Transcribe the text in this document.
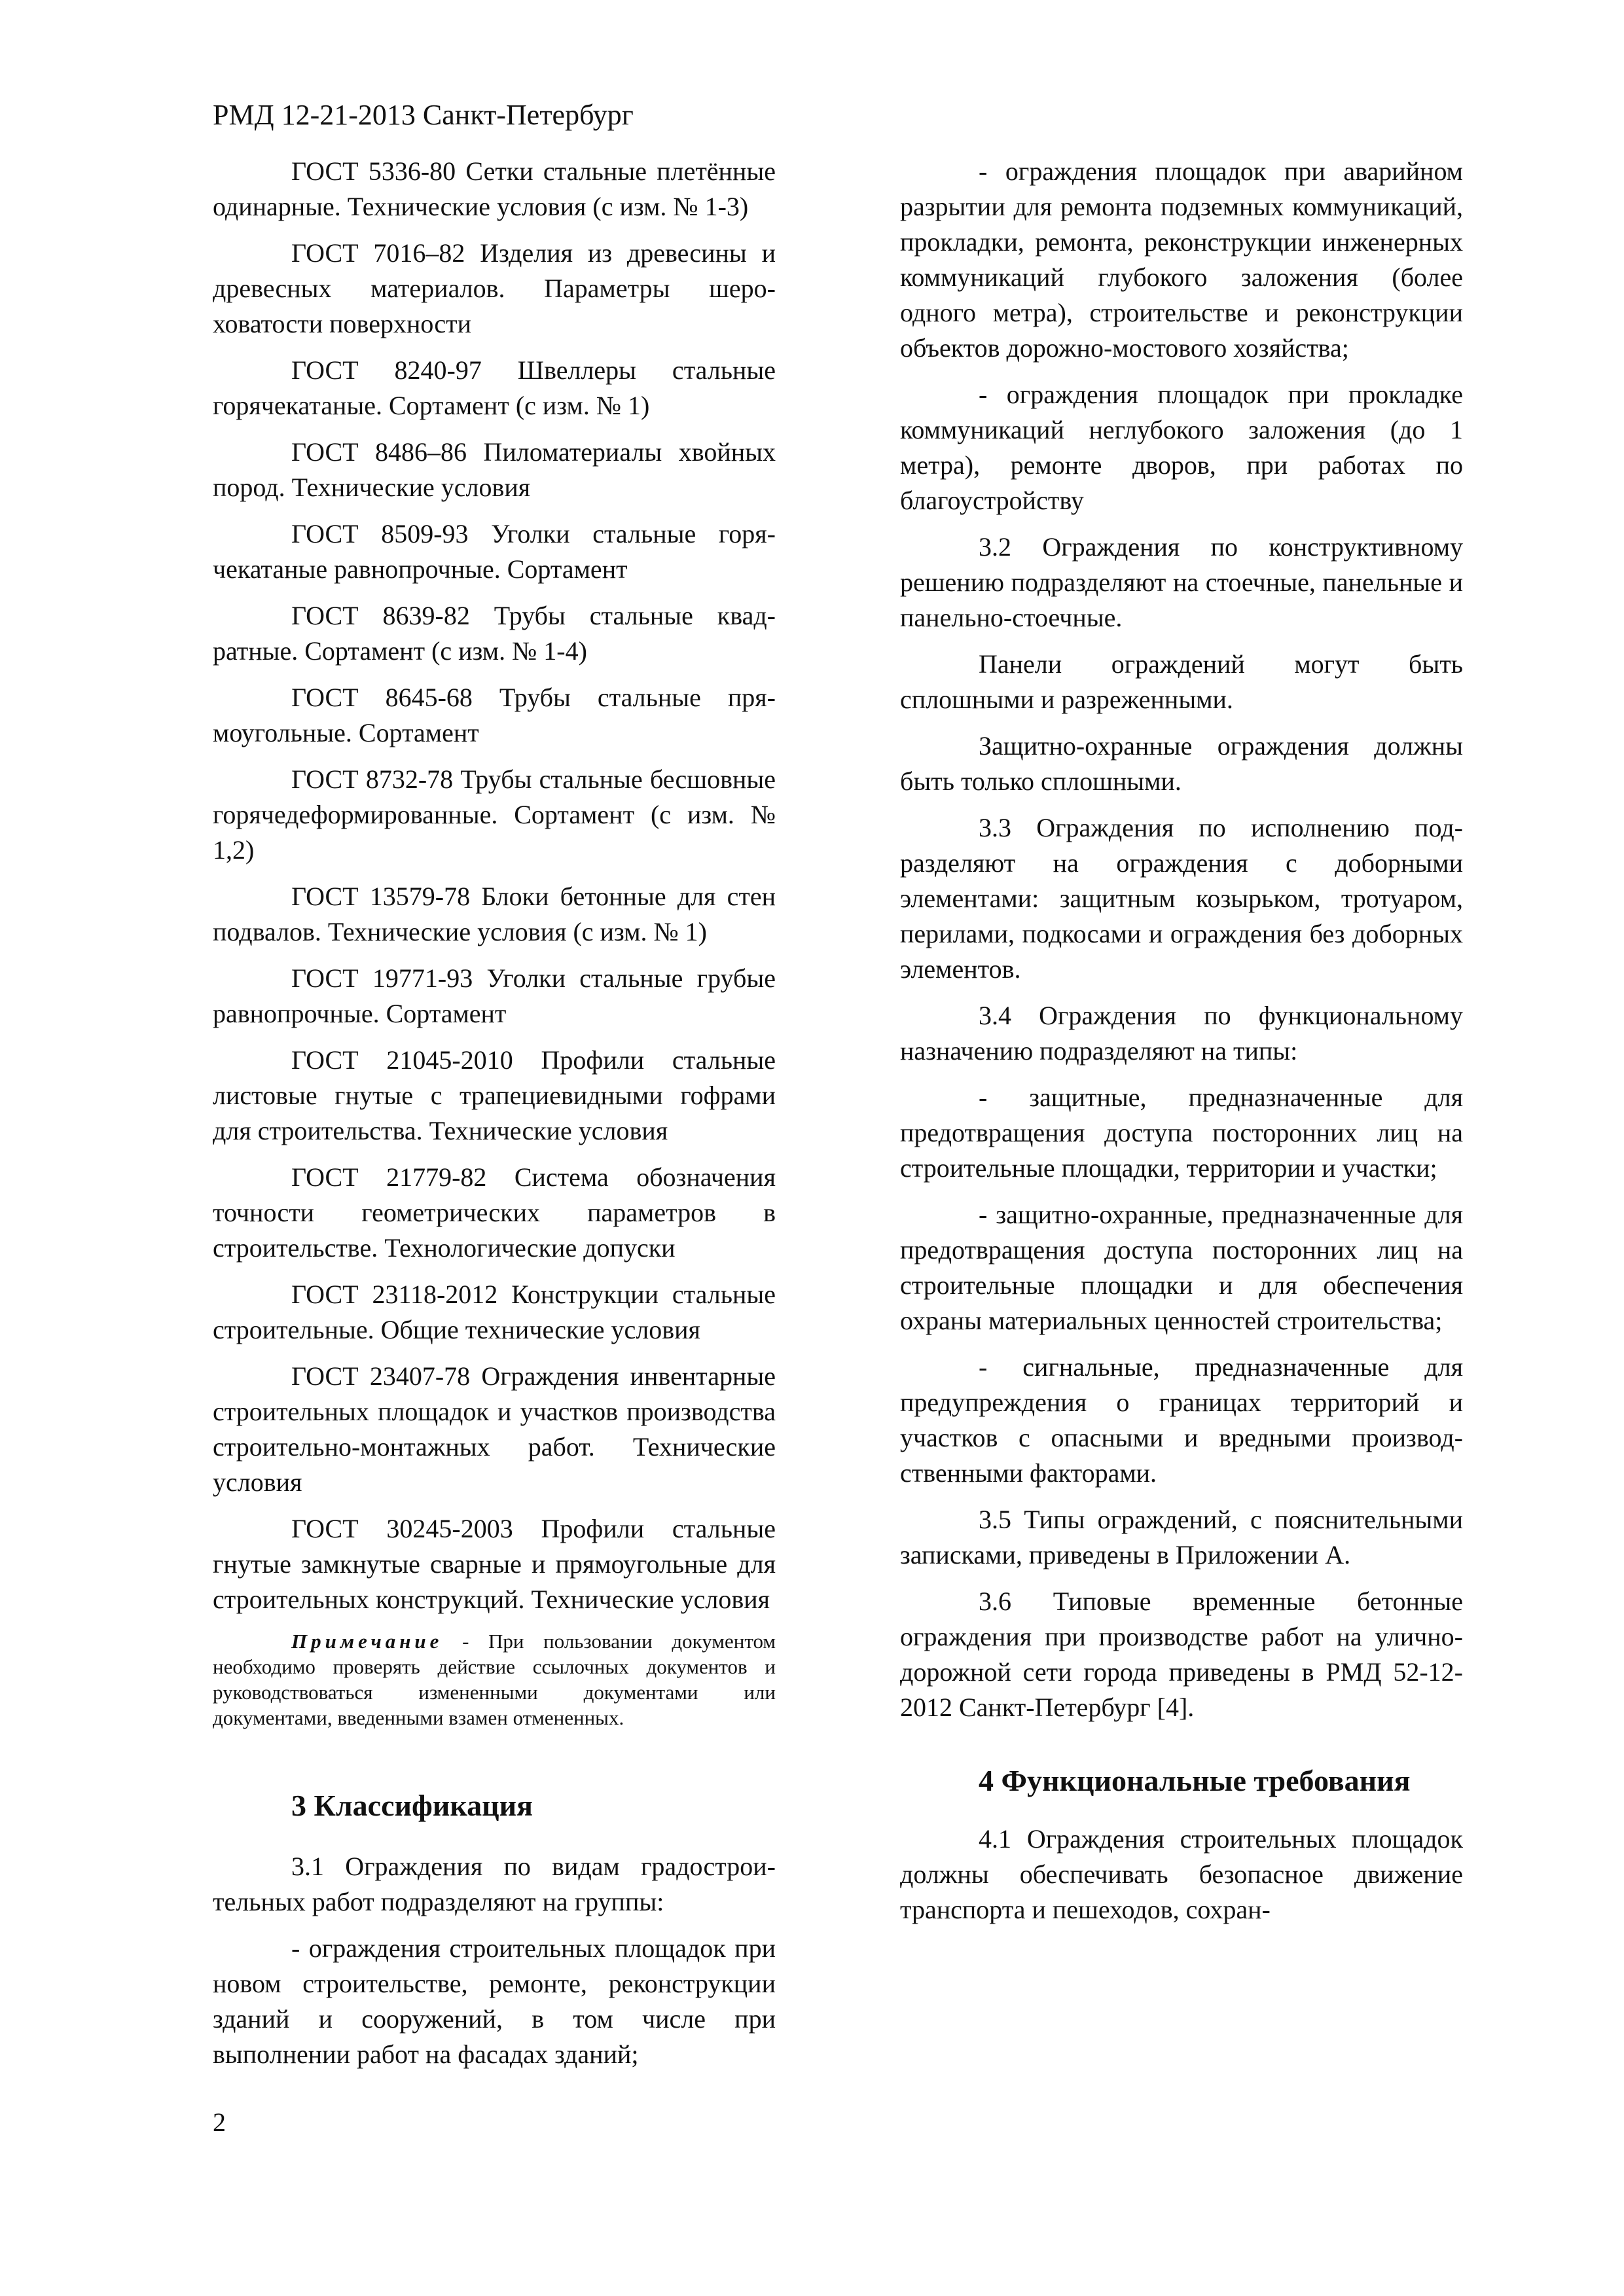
РМД 12-21-2013 Санкт-Петербург

ГОСТ 5336-80 Сетки стальные плетённые одинарные. Технические условия (с изм. № 1-3)

ГОСТ 7016–82 Изделия из древесины и древесных материалов. Параметры шероховатости поверхности

ГОСТ 8240-97 Швеллеры стальные горячекатаные. Сортамент (с изм. № 1)

ГОСТ 8486–86 Пиломатериалы хвойных пород. Технические условия

ГОСТ 8509-93 Уголки стальные горячекатаные равнопрочные. Сортамент

ГОСТ 8639-82 Трубы стальные квадратные. Сортамент (с изм. № 1-4)

ГОСТ 8645-68 Трубы стальные прямоугольные. Сортамент

ГОСТ 8732-78 Трубы стальные бесшовные горячедеформированные. Сортамент (с изм. № 1,2)

ГОСТ 13579-78 Блоки бетонные для стен подвалов. Технические условия (с изм. № 1)

ГОСТ 19771-93 Уголки стальные грубые равнопрочные. Сортамент

ГОСТ 21045-2010 Профили стальные листовые гнутые с трапециевидными гофрами для строительства. Технические условия

ГОСТ 21779-82 Система обозначения точности геометрических параметров в строительстве. Технологические допуски

ГОСТ 23118-2012 Конструкции стальные строительные. Общие технические условия

ГОСТ 23407-78 Ограждения инвентарные строительных площадок и участков производства строительно-монтажных работ. Технические условия

ГОСТ 30245-2003 Профили стальные гнутые замкнутые сварные и прямоугольные для строительных конструкций. Технические условия

Примечание - При пользовании документом необходимо проверять действие ссылочных документов и руководствоваться измененными документами или документами, введенными взамен отмененных.
3 Классификация

3.1 Ограждения по видам градостроительных работ подразделяют на группы:

- ограждения строительных площадок при новом строительстве, ремонте, реконструкции зданий и сооружений, в том числе при выполнении работ на фасадах зданий;

- ограждения площадок при аварийном разрытии для ремонта подземных коммуникаций, прокладки, ремонта, реконструкции инженерных коммуникаций глубокого заложения (более одного метра), строительстве и реконструкции объектов дорожно-мостового хозяйства;

- ограждения площадок при прокладке коммуникаций неглубокого заложения (до 1 метра), ремонте дворов, при работах по благоустройству

3.2 Ограждения по конструктивному решению подразделяют на стоечные, панельные и панельно-стоечные.

Панели ограждений могут быть сплошными и разреженными.

Защитно-охранные ограждения должны быть только сплошными.

3.3 Ограждения по исполнению подразделяют на ограждения с доборными элементами: защитным козырьком, тротуаром, перилами, подкосами и ограждения без доборных элементов.

3.4 Ограждения по функциональному назначению подразделяют на типы:

- защитные, предназначенные для предотвращения доступа посторонних лиц на строительные площадки, территории и участки;

- защитно-охранные, предназначенные для предотвращения доступа посторонних лиц на строительные площадки и для обеспечения охраны материальных ценностей строительства;

- сигнальные, предназначенные для предупреждения о границах территорий и участков с опасными и вредными производственными факторами.

3.5 Типы ограждений, с пояснительными записками, приведены в Приложении А.

3.6 Типовые временные бетонные ограждения при производстве работ на улично-дорожной сети города приведены в РМД 52-12-2012 Санкт-Петербург [4].

4 Функциональные требования

4.1 Ограждения строительных площадок должны обеспечивать безопасное движение транспорта и пешеходов, сохран-

2
